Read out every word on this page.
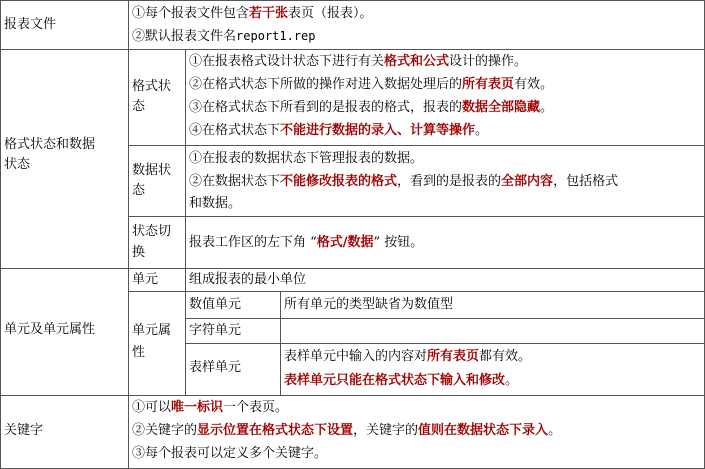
报表文件
①每个报表文件包含若干张表页（报表）。
②默认报表文件名report1.rep
格式状态和数据
状态
格式状
态
①在报表格式设计状态下进行有关格式和公式设计的操作。
②在格式状态下所做的操作对进入数据处理后的所有表页有效。
③在格式状态下所看到的是报表的格式，报表的数据全部隐藏。
④在格式状态下不能进行数据的录入、计算等操作。
数据状
态
①在报表的数据状态下管理报表的数据。
②在数据状态下不能修改报表的格式，看到的是报表的全部内容，包括格式
和数据。
状态切
换
报表工作区的左下角 “格式/数据” 按钮。
单元及单元属性
单元 组成报表的最小单位
单元属
性
数值单元	所有单元的类型缺省为数值型
字符单元
表样单元
表样单元中输入的内容对所有表页都有效。
表样单元只能在格式状态下输入和修改。
关键字
①可以唯一标识一个表页。
②关键字的显示位置在格式状态下设置，关键字的值则在数据状态下录入。
③每个报表可以定义多个关键字。
